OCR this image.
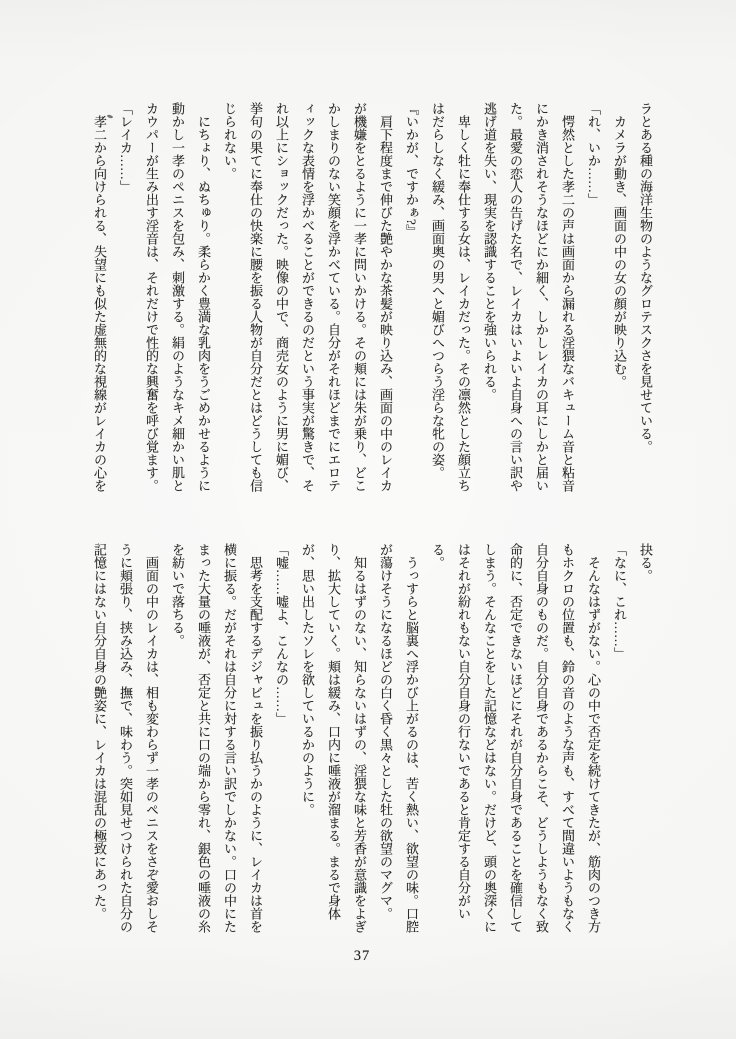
ラとある種の海洋生物のようなグロテスクさを見せている。

　カメラが動き、画面の中の女の顔が映り込む。

「れ、いか……」

　愕然とした孝二の声は画面から漏れる淫猥なバキューム音と粘音

にかき消されそうなほどにか細く、しかしレイカの耳にしかと届い

た。最愛の恋人の告げた名で、レイカはいよいよ自身への言い訳や

逃げ道を失い、現実を認識することを強いられる。

　卑しく牡に奉仕する女は、レイカだった。その凛然とした顔立ち

はだらしなく緩み、画面奥の男へと媚びへつらう淫らな牝の姿。

『いかが、ですかぁ?』

　肩下程度まで伸びた艶やかな茶髪が映り込み、画面の中のレイカ

が機嫌をとるように一孝に問いかける。その頬には朱が乗り、どこ

かしまりのない笑顔を浮かべている。自分がそれほどまでにエロテ

ィックな表情を浮かべることができるのだという事実が驚きで、そ

れ以上にショックだった。映像の中で、商売女のように男に媚び、

挙句の果てに奉仕の快楽に腰を振る人物が自分だとはどうしても信

じられない。

　にちょり、ぬちゅり。柔らかく豊満な乳肉をうごめかせるように

動かし一孝のペニスを包み、刺激する。絹のようなキメ細かい肌と

カウパーが生み出す淫音は、それだけで性的な興奮を呼び覚ます。

「レイカ……」

　孝二から向けられる、失望にも似た虚無的な視線がレイカの心を

抉る。

「なに、これ……」

　そんなはずがない。心の中で否定を続けてきたが、筋肉のつき方

もホクロの位置も、鈴の音のような声も、すべて間違いようもなく

自分自身のものだ。自分自身であるからこそ、どうしようもなく致

命的に、否定できないほどにそれが自分自身であることを確信して

しまう。そんなことをした記憶などはない。だけど、頭の奥深くに

はそれが紛れもない自分自身の行ないであると肯定する自分がい

る。

　うっすらと脳裏へ浮かび上がるのは、苦く熱い、欲望の味。口腔

が蕩けそうになるほどの白く昏く黒々とした牡の欲望のマグマ。

　知るはずのない、知らないはずの、淫猥な味と芳香が意識をよぎ

り、拡大していく。頬は緩み、口内に唾液が溜まる。まるで身体

が、思い出したソレを欲しているかのように。

「嘘……嘘よ、こんなの……」

　思考を支配するデジャビュを振り払うかのように、レイカは首を

横に振る。だがそれは自分に対する言い訳でしかない。口の中にた

まった大量の唾液が、否定と共に口の端から零れ、銀色の唾液の糸

を紡いで落ちる。

　画面の中のレイカは、相も変わらず一孝のペニスをさぞ愛おしそ

うに頬張り、挟み込み、撫で、味わう。突如見せつけられた自分の

記憶にはない自分自身の艶姿に、レイカは混乱の極致にあった。

37
